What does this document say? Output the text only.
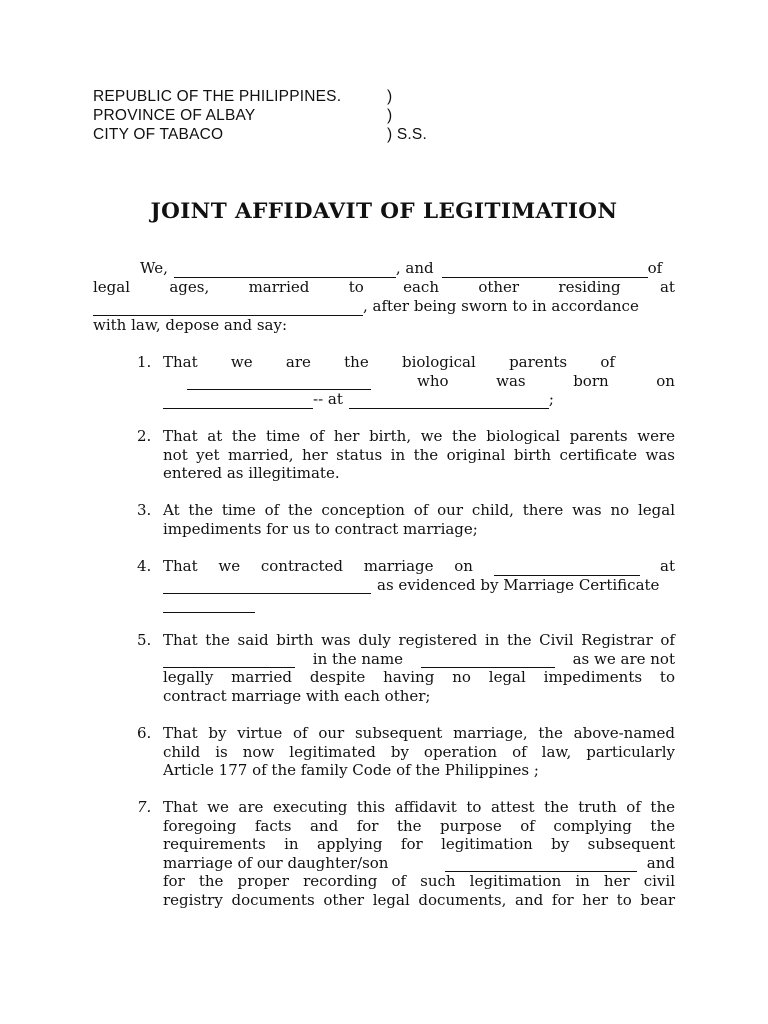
REPUBLIC OF THE PHILIPPINES.	)
PROVINCE OF ALBAY	)
CITY OF TABACO	) S.S.
JOINT AFFIDAVIT OF LEGITIMATION
We,	, and	of
legal	ages,	married	to	each	other	residing	at
, after being sworn to in accordance
with law, depose and say:
1. That we are the biological parents of
who	was	born	on
-- at	;
2. That at the time of her birth, we the biological parents were
not yet married, her status in the original birth certificate was
entered as illegitimate.
3. At the time of the conception of our child, there was no legal
impediments for us to contract marriage;
4. That we contracted marriage on	at
as evidenced by Marriage Certificate
5. That the said birth was duly registered in the Civil Registrar of
in the name	as we are not
legally married despite having no legal impediments to
contract marriage with each other;
6. That by virtue of our subsequent marriage, the above-named
child is now legitimated by operation of law, particularly
Article 177 of the family Code of the Philippines ;
7. That we are executing this affidavit to attest the truth of the
foregoing facts and for the purpose of complying the
requirements in applying for legitimation by subsequent
marriage of our daughter/son	and
for the proper recording of such legitimation in her civil
registry documents other legal documents, and for her to bear
